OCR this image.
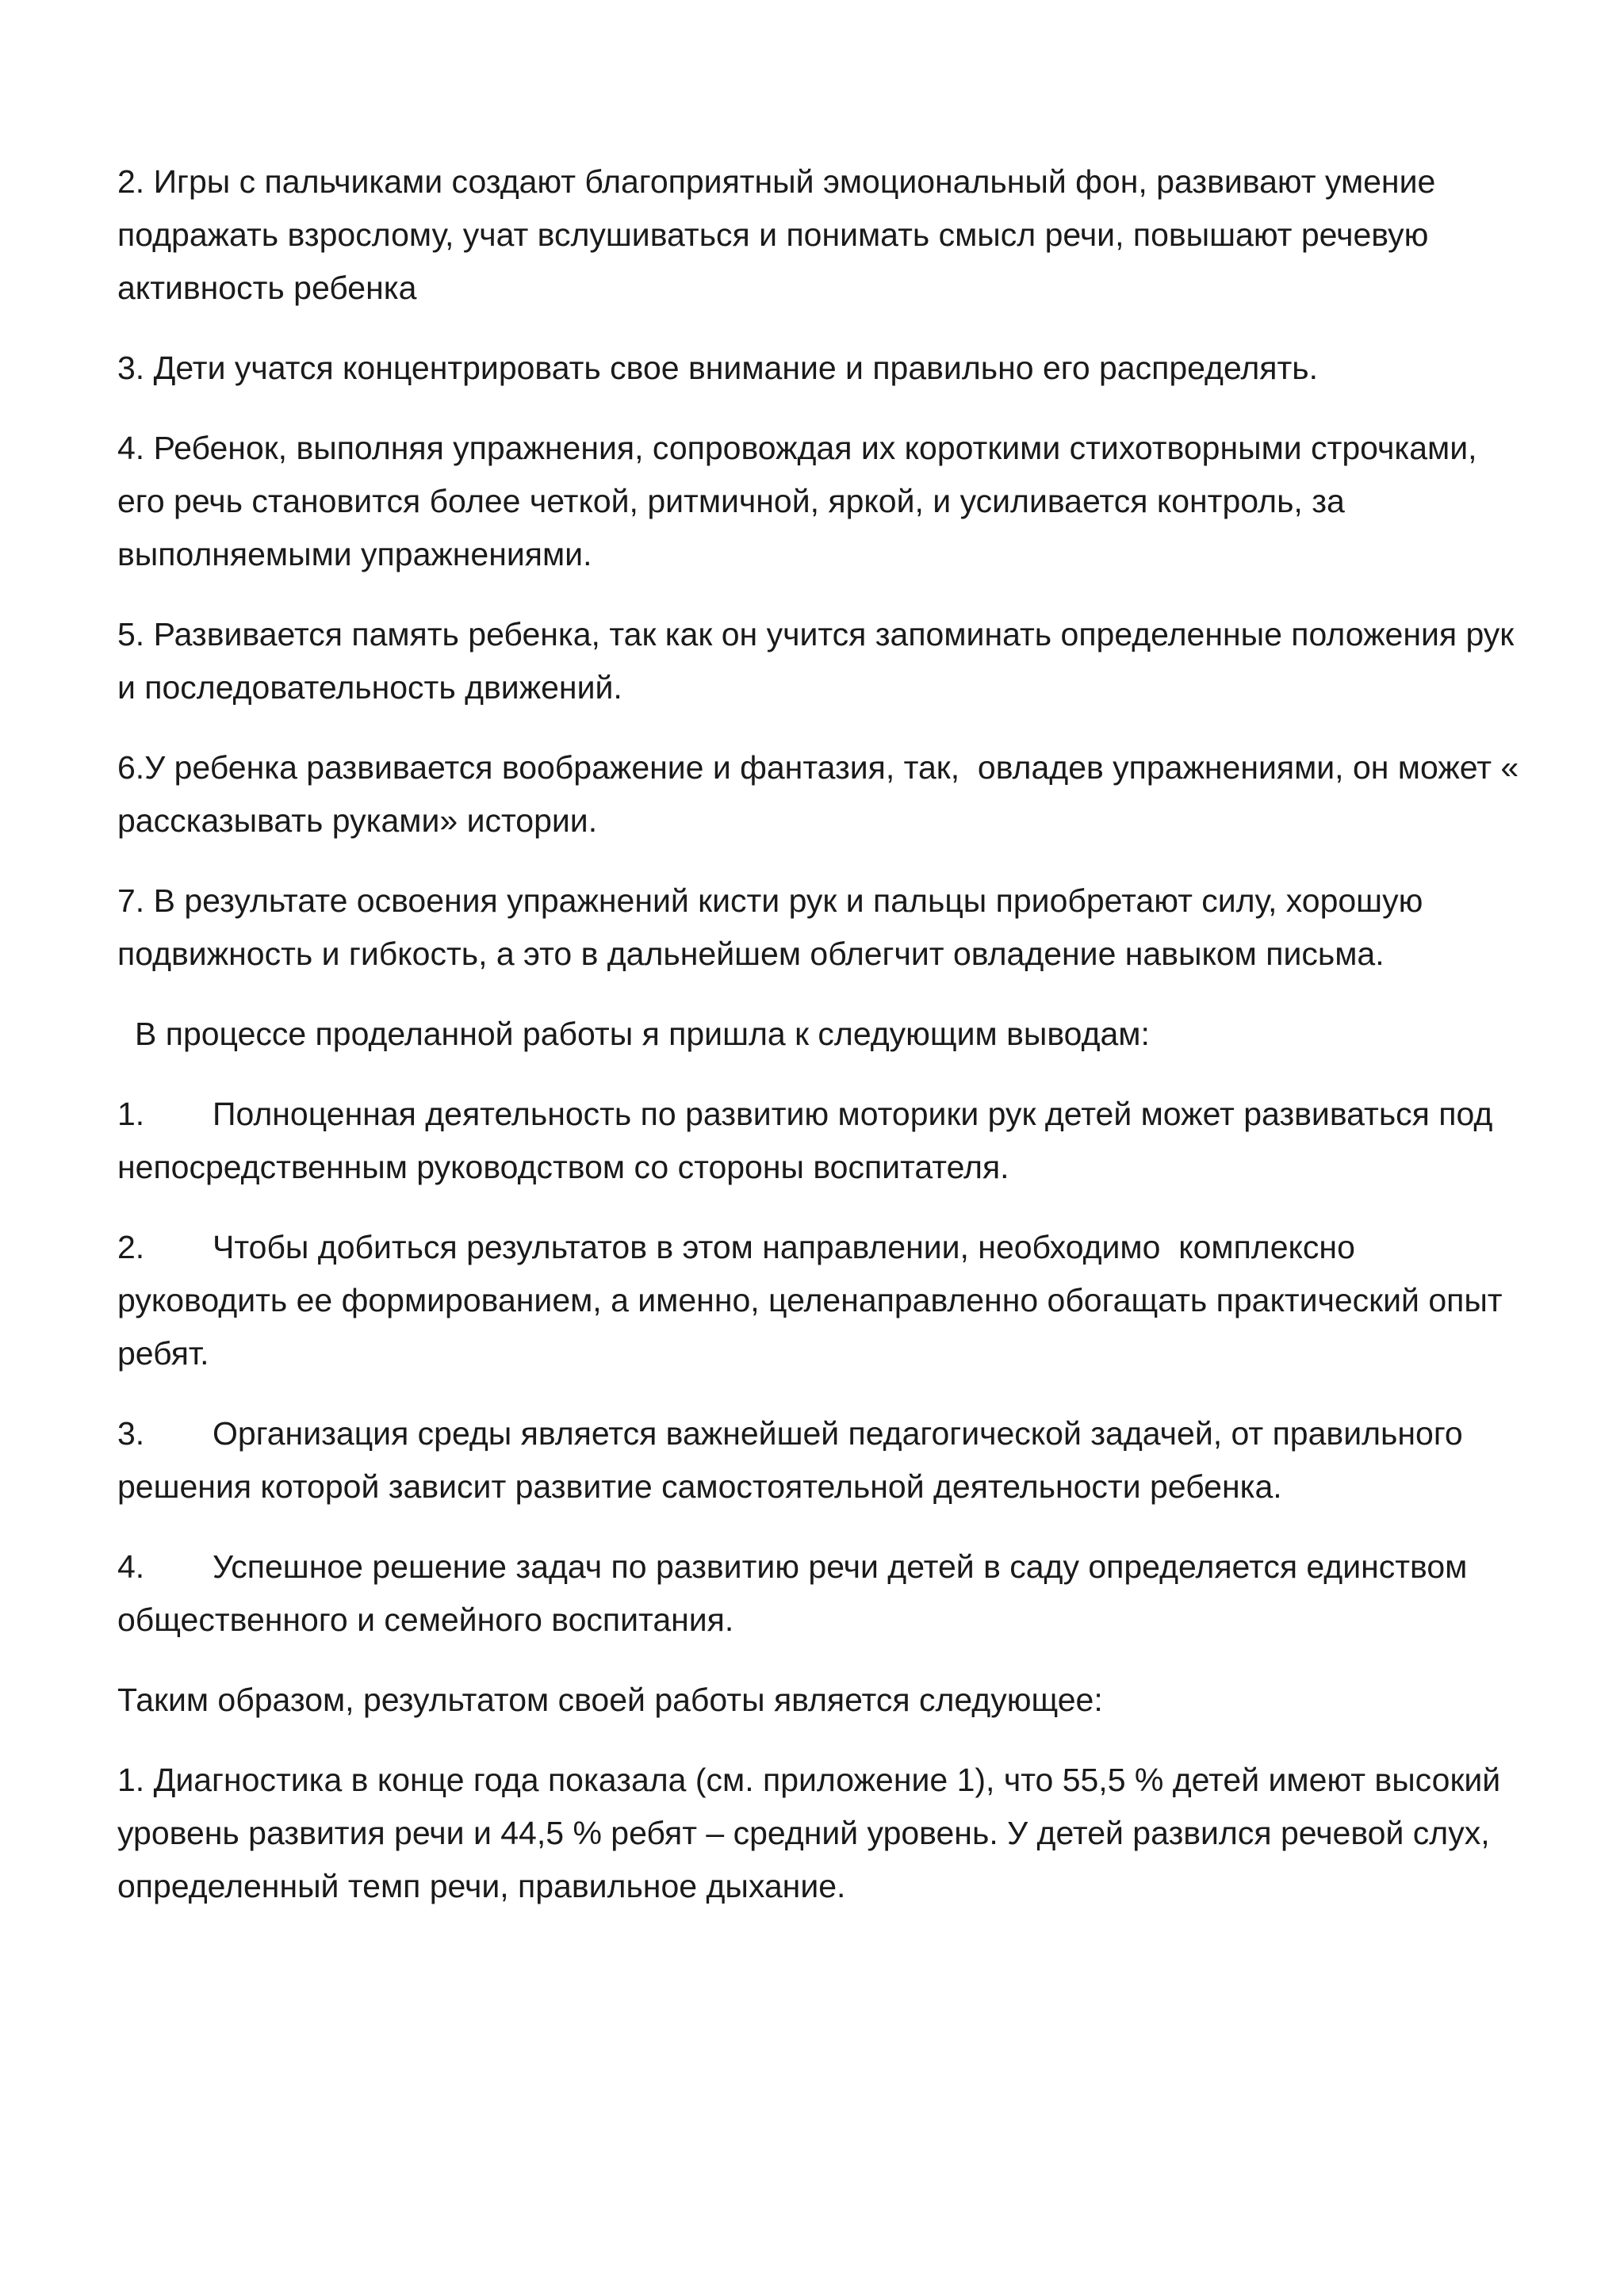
2. Игры с пальчиками создают благоприятный эмоциональный фон, развивают умение подражать взрослому, учат вслушиваться и понимать смысл речи, повышают речевую активность ребенка

3. Дети учатся концентрировать свое внимание и правильно его распределять.

4. Ребенок, выполняя упражнения, сопровождая их короткими стихотворными строчками, его речь становится более четкой, ритмичной, яркой, и усиливается контроль, за выполняемыми упражнениями.

5. Развивается память ребенка, так как он учится запоминать определенные положения рук и последовательность движений.

6.У ребенка развивается воображение и фантазия, так,  овладев упражнениями, он может « рассказывать руками» истории.

7. В результате освоения упражнений кисти рук и пальцы приобретают силу, хорошую подвижность и гибкость, а это в дальнейшем облегчит овладение навыком письма.

В процессе проделанной работы я пришла к следующим выводам:

1. Полноценная деятельность по развитию моторики рук детей может развиваться под непосредственным руководством со стороны воспитателя.

2. Чтобы добиться результатов в этом направлении, необходимо  комплексно руководить ее формированием, а именно, целенаправленно обогащать практический опыт ребят.

3. Организация среды является важнейшей педагогической задачей, от правильного решения которой зависит развитие самостоятельной деятельности ребенка.

4. Успешное решение задач по развитию речи детей в саду определяется единством общественного и семейного воспитания.

Таким образом, результатом своей работы является следующее:

1. Диагностика в конце года показала (см. приложение 1), что 55,5 % детей имеют высокий уровень развития речи и 44,5 % ребят – средний уровень. У детей развился речевой слух, определенный темп речи, правильное дыхание.
